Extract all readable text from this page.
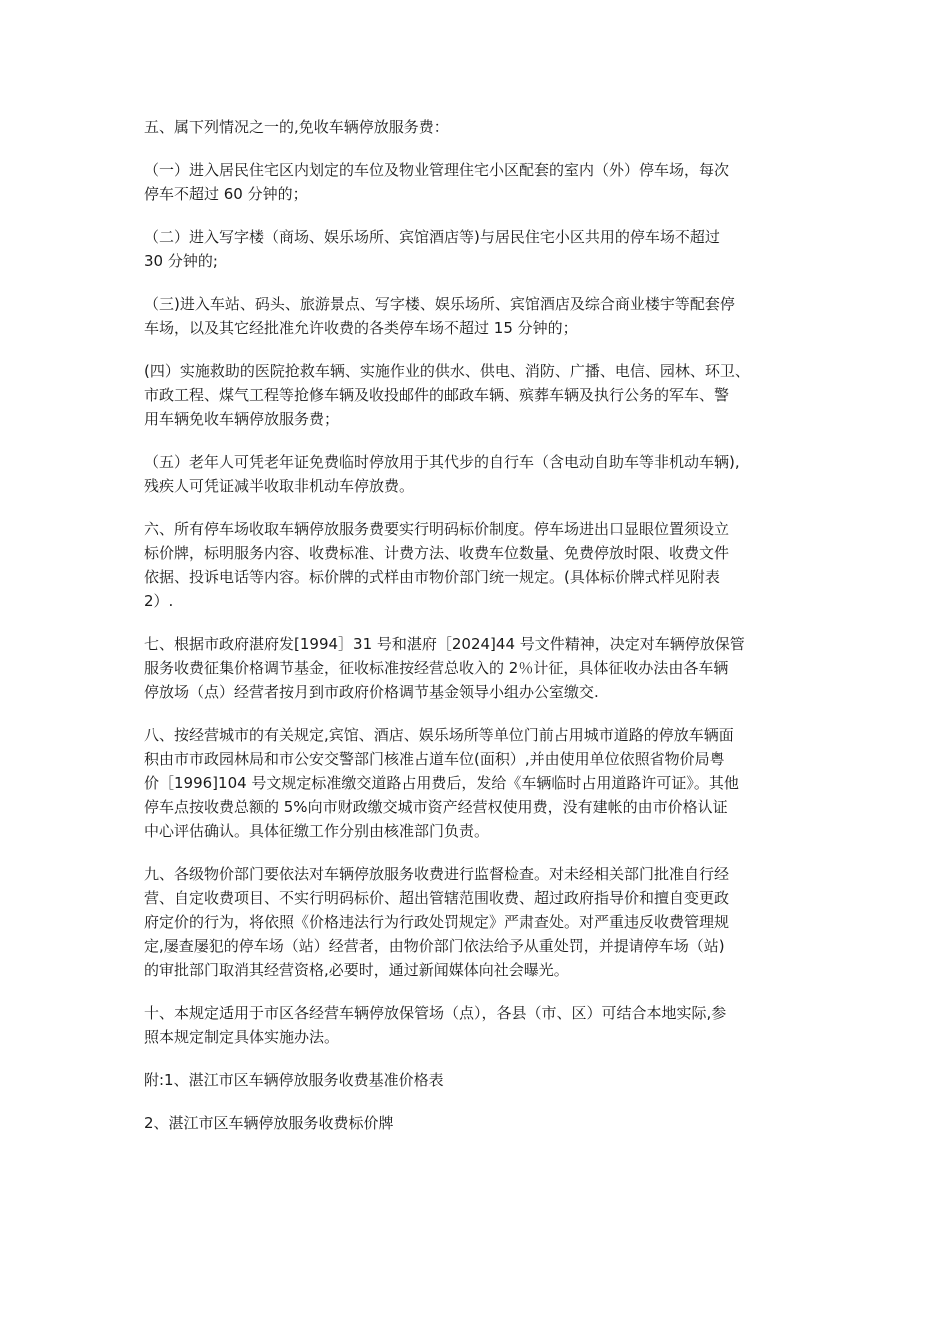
五、属下列情况之一的,免收车辆停放服务费：

（一）进入居民住宅区内划定的车位及物业管理住宅小区配套的室内（外）停车场，每次
停车不超过 60 分钟的；

（二）进入写字楼（商场、娱乐场所、宾馆酒店等)与居民住宅小区共用的停车场不超过
30 分钟的;

（三)进入车站、码头、旅游景点、写字楼、娱乐场所、宾馆酒店及综合商业楼宇等配套停
车场，以及其它经批准允许收费的各类停车场不超过 15 分钟的；

(四）实施救助的医院抢救车辆、实施作业的供水、供电、消防、广播、电信、园林、环卫、
市政工程、煤气工程等抢修车辆及收投邮件的邮政车辆、殡葬车辆及执行公务的军车、警
用车辆免收车辆停放服务费；

（五）老年人可凭老年证免费临时停放用于其代步的自行车（含电动自助车等非机动车辆),
残疾人可凭证减半收取非机动车停放费。

六、所有停车场收取车辆停放服务费要实行明码标价制度。停车场进出口显眼位置须设立
标价牌，标明服务内容、收费标准、计费方法、收费车位数量、免费停放时限、收费文件
依据、投诉电话等内容。标价牌的式样由市物价部门统一规定。(具体标价牌式样见附表
2）.

七、根据市政府湛府发[1994］31 号和湛府［2024]44 号文件精神，决定对车辆停放保管
服务收费征集价格调节基金，征收标准按经营总收入的 2％计征，具体征收办法由各车辆
停放场（点）经营者按月到市政府价格调节基金领导小组办公室缴交.

八、按经营城市的有关规定,宾馆、酒店、娱乐场所等单位门前占用城市道路的停放车辆面
积由市市政园林局和市公安交警部门核准占道车位(面积）,并由使用单位依照省物价局粤
价［1996]104 号文规定标准缴交道路占用费后，发给《车辆临时占用道路许可证》。其他
停车点按收费总额的 5%向市财政缴交城市资产经营权使用费，没有建帐的由市价格认证
中心评估确认。具体征缴工作分别由核准部门负责。

九、各级物价部门要依法对车辆停放服务收费进行监督检查。对未经相关部门批准自行经
营、自定收费项目、不实行明码标价、超出管辖范围收费、超过政府指导价和擅自变更政
府定价的行为，将依照《价格违法行为行政处罚规定》严肃查处。对严重违反收费管理规
定,屡查屡犯的停车场（站）经营者，由物价部门依法给予从重处罚，并提请停车场（站)
的审批部门取消其经营资格,必要时，通过新闻媒体向社会曝光。

十、本规定适用于市区各经营车辆停放保管场（点），各县（市、区）可结合本地实际,参
照本规定制定具体实施办法。

附:1、湛江市区车辆停放服务收费基准价格表

2、湛江市区车辆停放服务收费标价牌
